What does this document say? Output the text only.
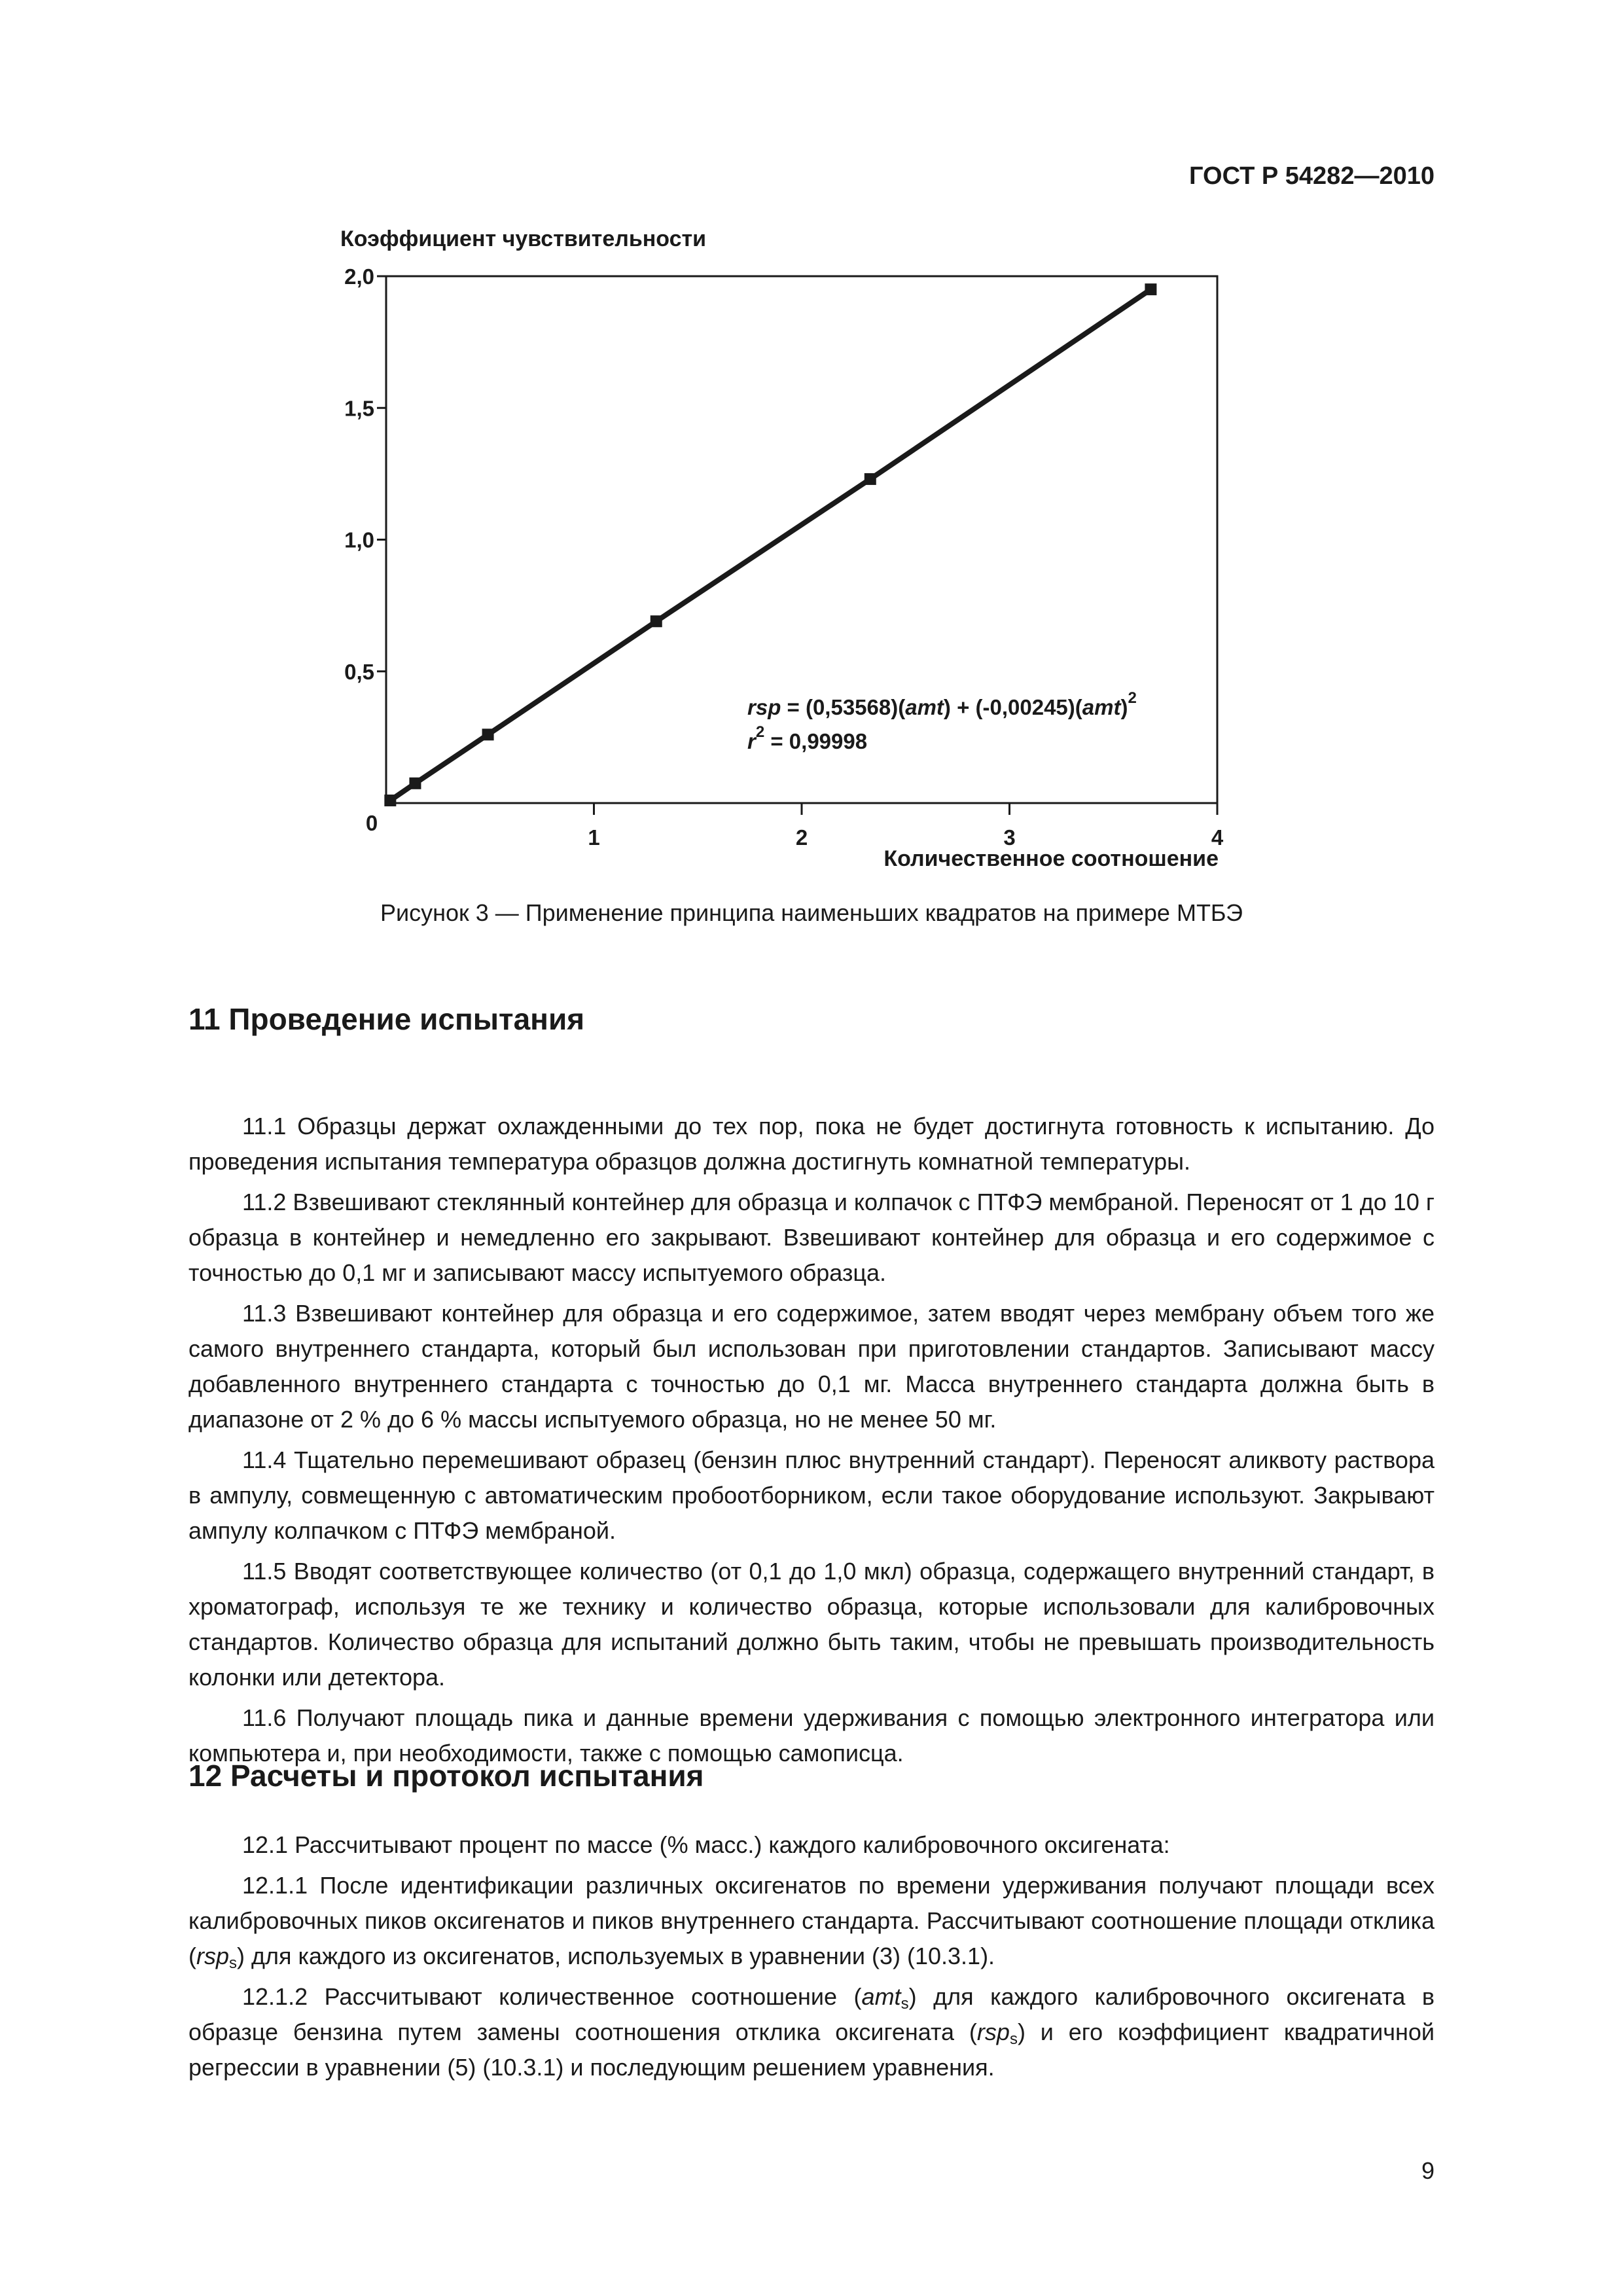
ГОСТ Р 54282—2010
Коэффициент чувствительности
2,0
1,5
1,0
0,5
0
1	2	3	4
rsp = (0,53568)(amt) + (-0,00245)(amt)$^2$
$r^2 = 0,99998$
Количественное соотношение
Рисунок 3 — Применение принципа наименьших квадратов на примере МТБЭ
11 Проведение испытания

11.1 Образцы держат охлажденными до тех пор, пока не будет достигнута готовность к испытанию. До проведения испытания температура образцов должна достигнуть комнатной температуры.

11.2 Взвешивают стеклянный контейнер для образца и колпачок с ПТФЭ мембраной. Переносят от 1 до 10 г образца в контейнер и немедленно его закрывают. Взвешивают контейнер для образца и его содержимое с точностью до 0,1 мг и записывают массу испытуемого образца.

11.3 Взвешивают контейнер для образца и его содержимое, затем вводят через мембрану объем того же самого внутреннего стандарта, который был использован при приготовлении стандартов. Записывают массу добавленного внутреннего стандарта с точностью до 0,1 мг. Масса внутреннего стандарта должна быть в диапазоне от 2 % до 6 % массы испытуемого образца, но не менее 50 мг.

11.4 Тщательно перемешивают образец (бензин плюс внутренний стандарт). Переносят аликвоту раствора в ампулу, совмещенную с автоматическим пробоотборником, если такое оборудование используют. Закрывают ампулу колпачком с ПТФЭ мембраной.

11.5 Вводят соответствующее количество (от 0,1 до 1,0 мкл) образца, содержащего внутренний стандарт, в хроматограф, используя те же технику и количество образца, которые использовали для калибровочных стандартов. Количество образца для испытаний должно быть таким, чтобы не превышать производительность колонки или детектора.

11.6 Получают площадь пика и данные времени удерживания с помощью электронного интегратора или компьютера и, при необходимости, также с помощью самописца.

12 Расчеты и протокол испытания

12.1 Рассчитывают процент по массе (% масс.) каждого калибровочного оксигената:

12.1.1 После идентификации различных оксигенатов по времени удерживания получают площади всех калибровочных пиков оксигенатов и пиков внутреннего стандарта. Рассчитывают соотношение площади отклика (rsp$_s$) для каждого из оксигенатов, используемых в уравнении (3) (10.3.1).

12.1.2 Рассчитывают количественное соотношение (amt$_s$) для каждого калибровочного оксигената в образце бензина путем замены соотношения отклика оксигената (rsp$_s$) и его коэффициент квадратичной регрессии в уравнении (5) (10.3.1) и последующим решением уравнения.

9
